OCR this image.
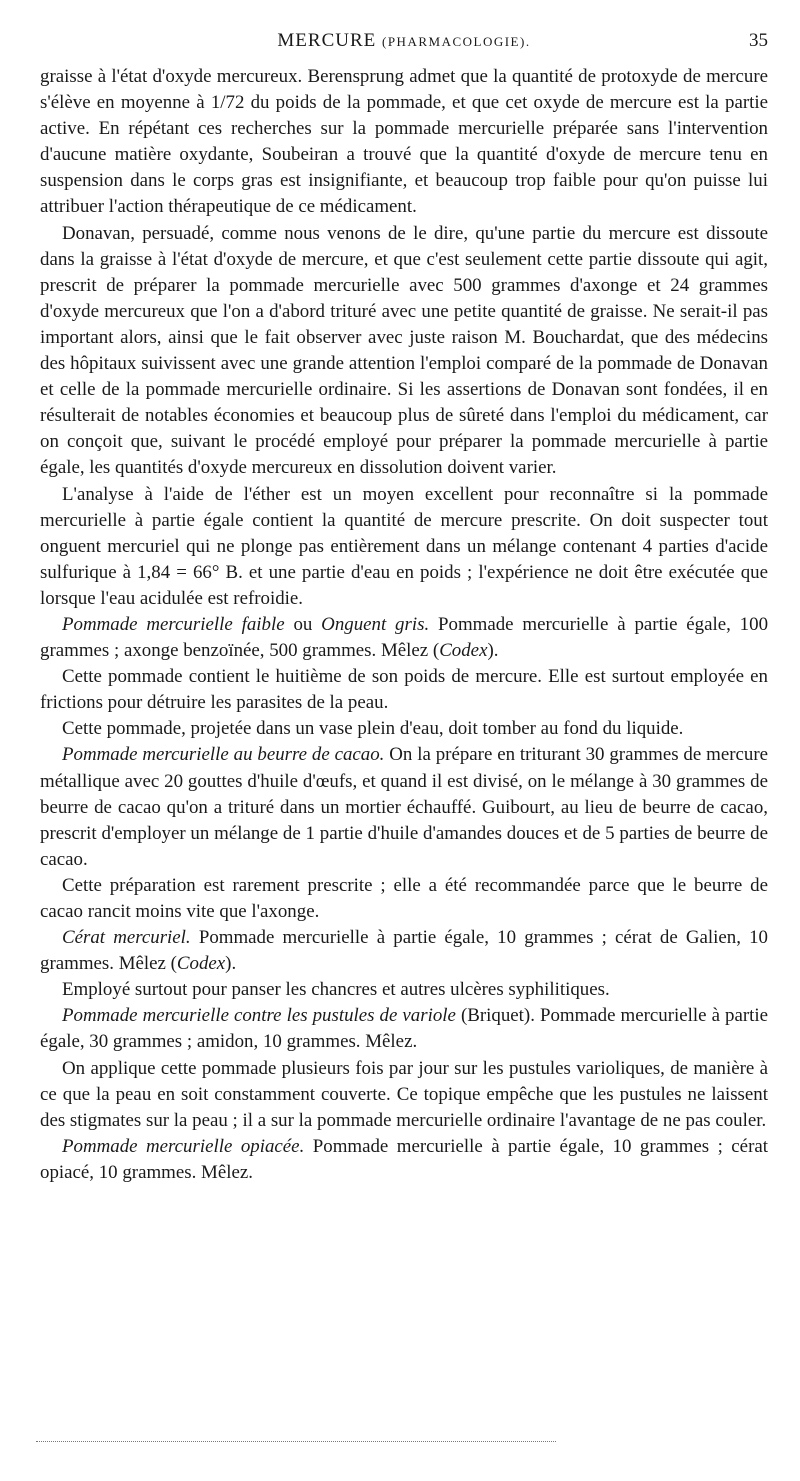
MERCURE (PHARMACOLOGIE).	35

graisse à l'état d'oxyde mercureux. Berensprung admet que la quantité de protoxyde de mercure s'élève en moyenne à 1/72 du poids de la pommade, et que cet oxyde de mercure est la partie active. En répétant ces recherches sur la pommade mercurielle préparée sans l'intervention d'aucune matière oxydante, Soubeiran a trouvé que la quantité d'oxyde de mercure tenu en suspension dans le corps gras est insignifiante, et beaucoup trop faible pour qu'on puisse lui attribuer l'action thérapeutique de ce médicament.

Donavan, persuadé, comme nous venons de le dire, qu'une partie du mercure est dissoute dans la graisse à l'état d'oxyde de mercure, et que c'est seulement cette partie dissoute qui agit, prescrit de préparer la pommade mercurielle avec 500 grammes d'axonge et 24 grammes d'oxyde mercureux que l'on a d'abord trituré avec une petite quantité de graisse. Ne serait-il pas important alors, ainsi que le fait observer avec juste raison M. Bouchardat, que des médecins des hôpitaux suivissent avec une grande attention l'emploi comparé de la pommade de Donavan et celle de la pommade mercurielle ordinaire. Si les assertions de Donavan sont fondées, il en résulterait de notables économies et beaucoup plus de sûreté dans l'emploi du médicament, car on conçoit que, suivant le procédé employé pour préparer la pommade mercurielle à partie égale, les quantités d'oxyde mercureux en dissolution doivent varier.

L'analyse à l'aide de l'éther est un moyen excellent pour reconnaître si la pommade mercurielle à partie égale contient la quantité de mercure prescrite. On doit suspecter tout onguent mercuriel qui ne plonge pas entièrement dans un mélange contenant 4 parties d'acide sulfurique à 1,84 = 66° B. et une partie d'eau en poids ; l'expérience ne doit être exécutée que lorsque l'eau acidulée est refroidie.

Pommade mercurielle faible ou Onguent gris. Pommade mercurielle à partie égale, 100 grammes ; axonge benzoïnée, 500 grammes. Mêlez (Codex).

Cette pommade contient le huitième de son poids de mercure. Elle est surtout employée en frictions pour détruire les parasites de la peau.

Cette pommade, projetée dans un vase plein d'eau, doit tomber au fond du liquide.

Pommade mercurielle au beurre de cacao. On la prépare en triturant 30 grammes de mercure métallique avec 20 gouttes d'huile d'œufs, et quand il est divisé, on le mélange à 30 grammes de beurre de cacao qu'on a trituré dans un mortier échauffé. Guibourt, au lieu de beurre de cacao, prescrit d'employer un mélange de 1 partie d'huile d'amandes douces et de 5 parties de beurre de cacao.

Cette préparation est rarement prescrite ; elle a été recommandée parce que le beurre de cacao rancit moins vite que l'axonge.

Cérat mercuriel. Pommade mercurielle à partie égale, 10 grammes ; cérat de Galien, 10 grammes. Mêlez (Codex).

Employé surtout pour panser les chancres et autres ulcères syphilitiques.

Pommade mercurielle contre les pustules de variole (Briquet). Pommade mercurielle à partie égale, 30 grammes ; amidon, 10 grammes. Mêlez.

On applique cette pommade plusieurs fois par jour sur les pustules varioliques, de manière à ce que la peau en soit constamment couverte. Ce topique empêche que les pustules ne laissent des stigmates sur la peau ; il a sur la pommade mercurielle ordinaire l'avantage de ne pas couler.

Pommade mercurielle opiacée. Pommade mercurielle à partie égale, 10 grammes ; cérat opiacé, 10 grammes. Mêlez.
